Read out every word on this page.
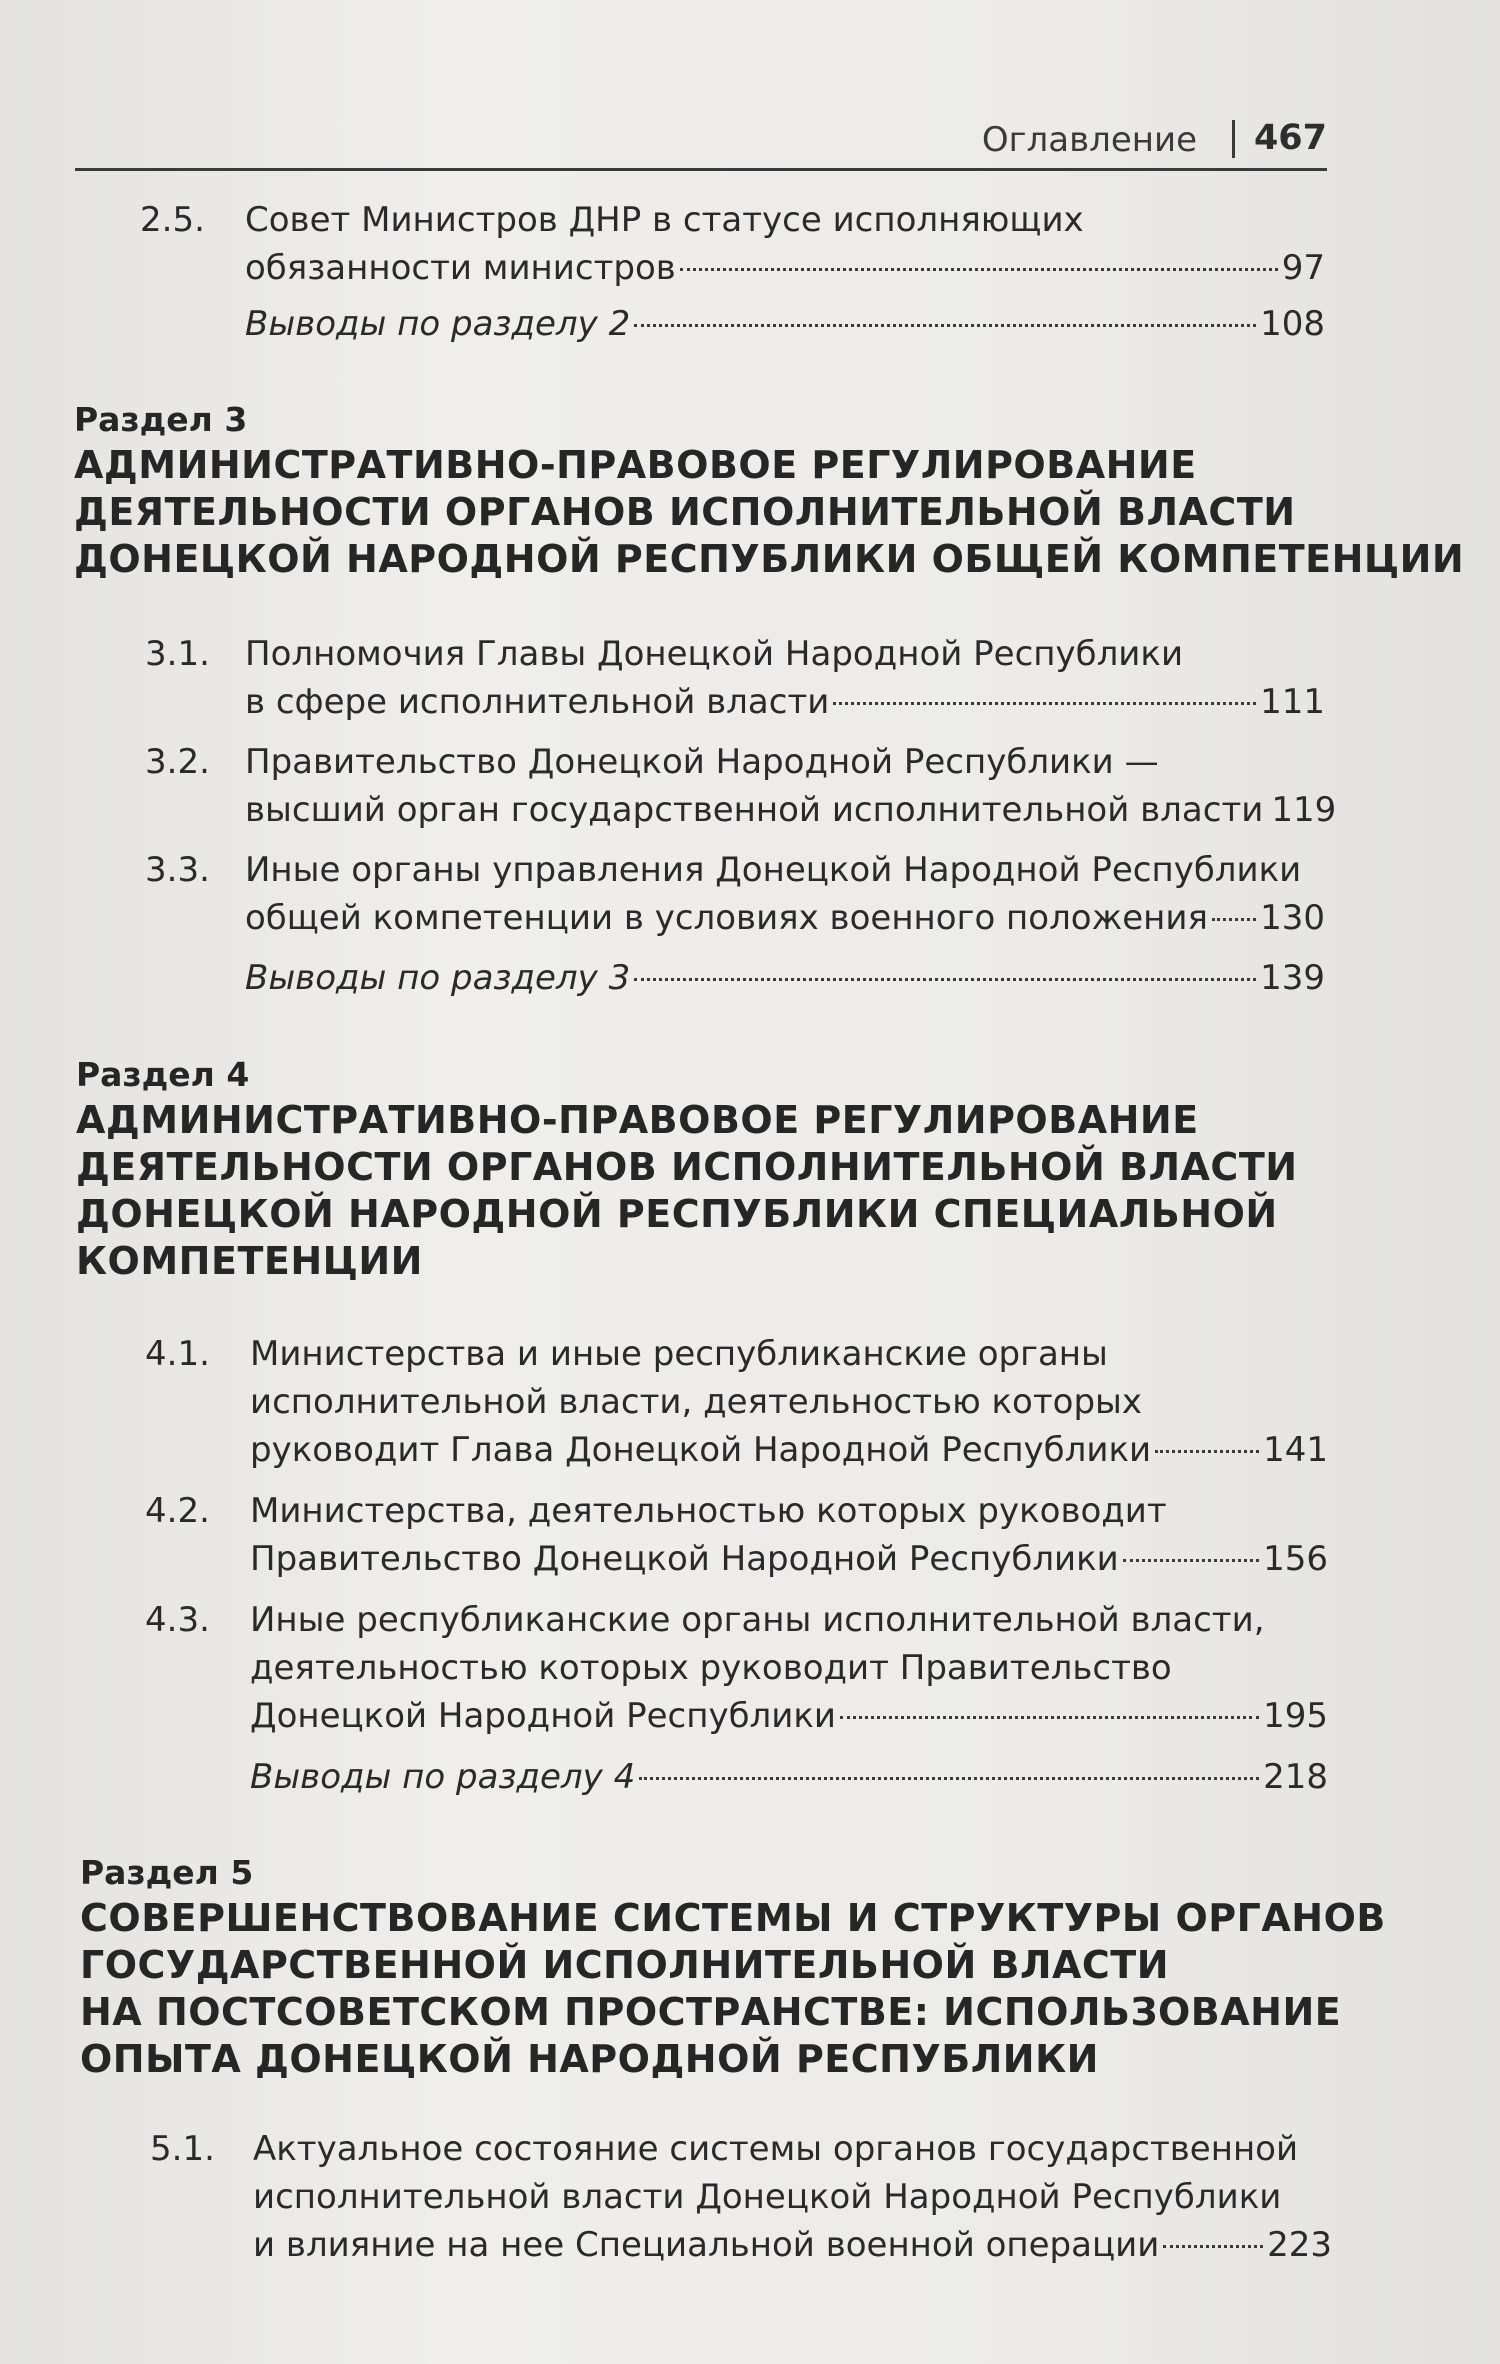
Оглавление 467
2.5. Совет Министров ДНР в статусе исполняющих
обязанности министров	97
Выводы по разделу 2	108
Раздел 3
АДМИНИСТРАТИВНО-ПРАВОВОЕ РЕГУЛИРОВАНИЕ
ДЕЯТЕЛЬНОСТИ ОРГАНОВ ИСПОЛНИТЕЛЬНОЙ ВЛАСТИ
ДОНЕЦКОЙ НАРОДНОЙ РЕСПУБЛИКИ ОБЩЕЙ КОМПЕТЕНЦИИ
3.1. Полномочия Главы Донецкой Народной Республики
в сфере исполнительной власти	111
3.2. Правительство Донецкой Народной Республики —
высший орган государственной исполнительной власти 119
3.3. Иные органы управления Донецкой Народной Республики
общей компетенции в условиях военного положения 130
Выводы по разделу 3	139
Раздел 4
АДМИНИСТРАТИВНО-ПРАВОВОЕ РЕГУЛИРОВАНИЕ
ДЕЯТЕЛЬНОСТИ ОРГАНОВ ИСПОЛНИТЕЛЬНОЙ ВЛАСТИ
ДОНЕЦКОЙ НАРОДНОЙ РЕСПУБЛИКИ СПЕЦИАЛЬНОЙ
КОМПЕТЕНЦИИ
4.1. Министерства и иные республиканские органы
исполнительной власти, деятельностью которых
руководит Глава Донецкой Народной Республики	141
4.2. Министерства, деятельностью которых руководит
Правительство Донецкой Народной Республики	156
4.3. Иные республиканские органы исполнительной власти,
деятельностью которых руководит Правительство
Донецкой Народной Республики	195
Выводы по разделу 4	218
Раздел 5
СОВЕРШЕНСТВОВАНИЕ СИСТЕМЫ И СТРУКТУРЫ ОРГАНОВ
ГОСУДАРСТВЕННОЙ ИСПОЛНИТЕЛЬНОЙ ВЛАСТИ
НА ПОСТСОВЕТСКОМ ПРОСТРАНСТВЕ: ИСПОЛЬЗОВАНИЕ
ОПЫТА ДОНЕЦКОЙ НАРОДНОЙ РЕСПУБЛИКИ
5.1. Актуальное состояние системы органов государственной
исполнительной власти Донецкой Народной Республики
и влияние на нее Специальной военной операции	223
